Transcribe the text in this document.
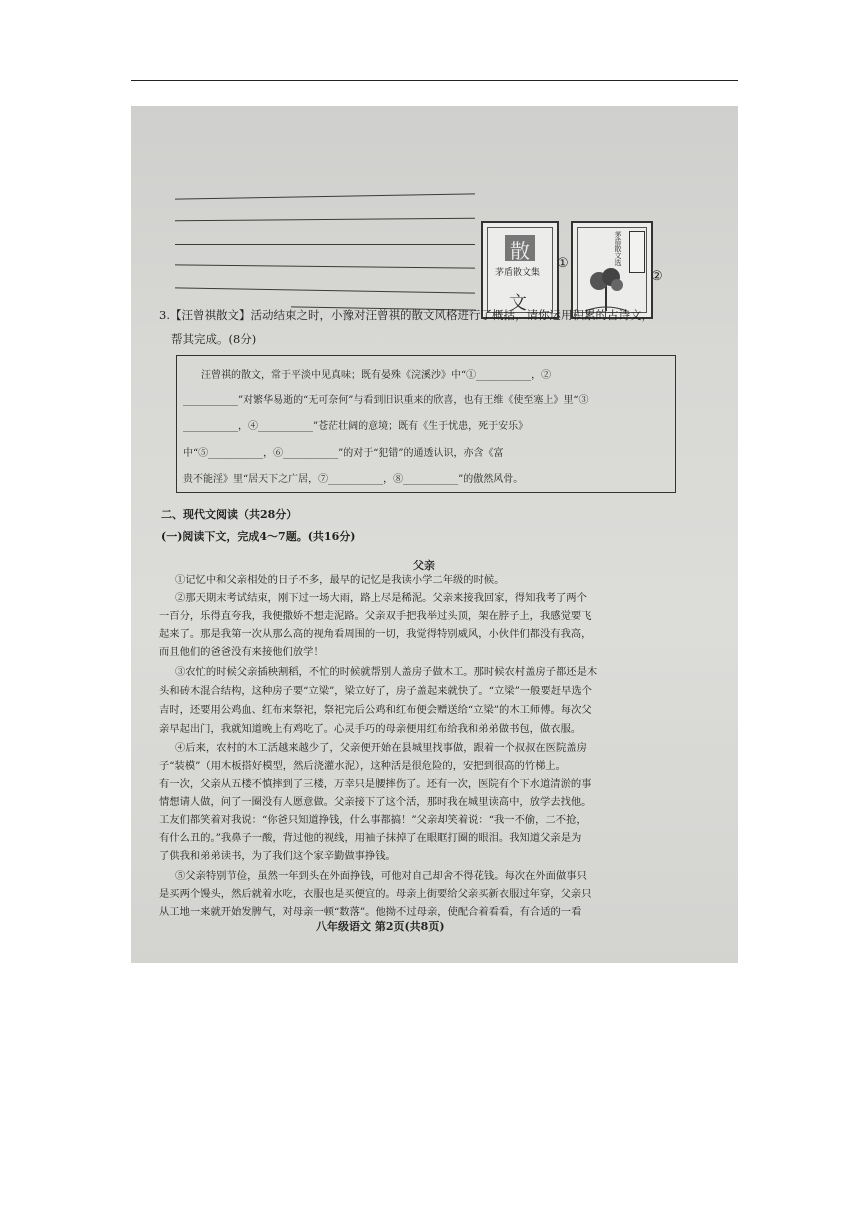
散
茅盾散文集
文
①	茅盾散文选
②
3.【汪曾祺散文】活动结束之时，小豫对汪曾祺的散文风格进行了概括，请你运用积累的古诗文，
帮其完成。(8分)
汪曾祺的散文，常于平淡中见真味；既有晏殊《浣溪沙》中“①___________，②
___________”对繁华易逝的“无可奈何”与看到旧识重来的欣喜，也有王维《使至塞上》里“③
___________，④___________”苍茫壮阔的意境；既有《生于忧患，死于安乐》
中“⑤___________，⑥___________”的对于“犯错”的通透认识，亦含《富
贵不能淫》里“居天下之广居，⑦___________，⑧___________”的傲然风骨。
二、现代文阅读（共28分）
(一)阅读下文，完成4～7题。(共16分)
父亲
①记忆中和父亲相处的日子不多，最早的记忆是我读小学二年级的时候。
②那天期末考试结束，刚下过一场大雨，路上尽是稀泥。父亲来接我回家，得知我考了两个
一百分，乐得直夸我，我便撒娇不想走泥路。父亲双手把我举过头顶，架在脖子上，我感觉要飞
起来了。那是我第一次从那么高的视角看周围的一切，我觉得特别威风，小伙伴们都没有我高，
而且他们的爸爸没有来接他们放学！
③农忙的时候父亲插秧割稻，不忙的时候就帮别人盖房子做木工。那时候农村盖房子都还是木
头和砖木混合结构，这种房子要“立梁”，梁立好了，房子盖起来就快了。“立梁”一般要赶早选个
吉时，还要用公鸡血、红布来祭祀，祭祀完后公鸡和红布便会赠送给“立梁”的木工师傅。每次父
亲早起出门，我就知道晚上有鸡吃了。心灵手巧的母亲便用红布给我和弟弟做书包，做衣服。
④后来，农村的木工活越来越少了，父亲便开始在县城里找事做，跟着一个叔叔在医院盖房
子“装模”（用木板搭好模型，然后浇灌水泥），这种活是很危险的，安把到很高的竹梯上。
有一次，父亲从五楼不慎摔到了三楼，万幸只是腰摔伤了。还有一次，医院有个下水道清淤的事
情想请人做，问了一圈没有人愿意做。父亲接下了这个活，那时我在城里读高中，放学去找他。
工友们都笑着对我说：“你爸只知道挣钱，什么事都搞！”父亲却笑着说：“我一不偷，二不抢，
有什么丑的。”我鼻子一酸，背过他的视线，用袖子抹掉了在眼眶打圈的眼泪。我知道父亲是为
了供我和弟弟读书，为了我们这个家辛勤做事挣钱。
⑤父亲特别节俭，虽然一年到头在外面挣钱，可他对自己却舍不得花钱。每次在外面做事只
是买两个馒头，然后就着水吃，衣服也是买便宜的。母亲上街要给父亲买新衣服过年穿，父亲只
从工地一来就开始发脾气，对母亲一顿“数落”。他拗不过母亲，使配合着看看，有合适的一看
八年级语文 第2页(共8页)
